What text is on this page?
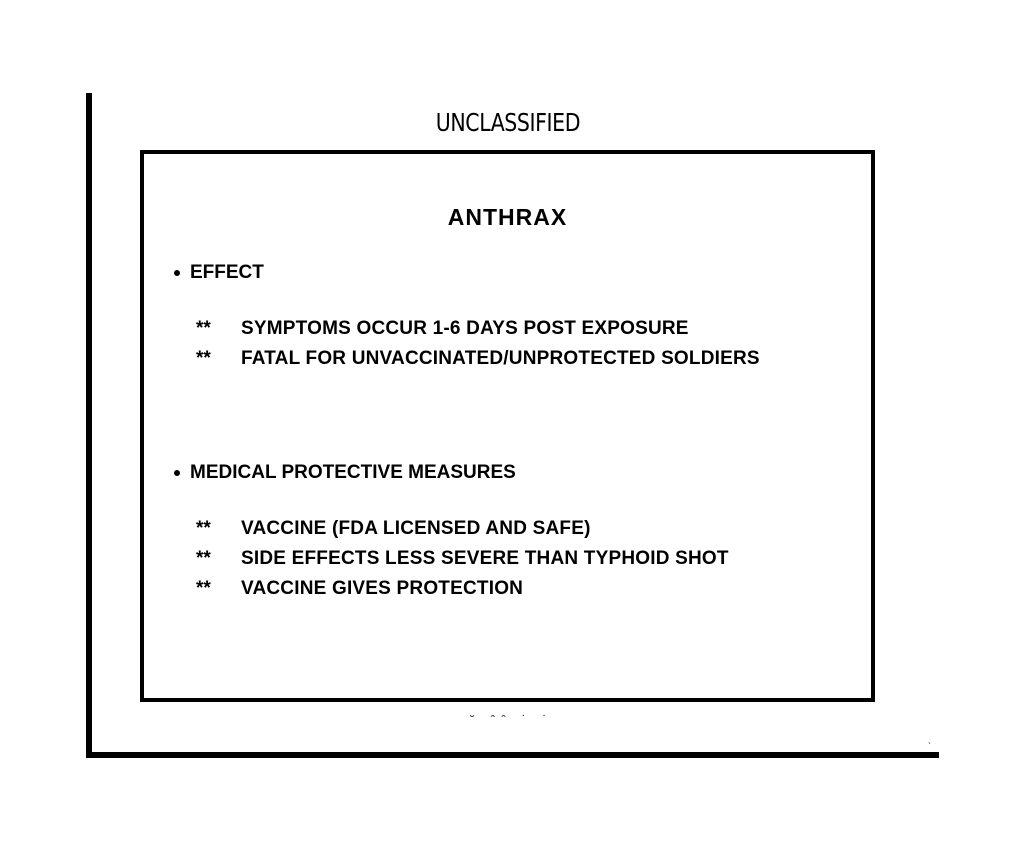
UNCLASSIFIED
ANTHRAX
EFFECT
**	SYMPTOMS OCCUR 1-6 DAYS POST EXPOSURE
**	FATAL FOR UNVACCINATED/UNPROTECTED SOLDIERS
MEDICAL PROTECTIVE MEASURES
**	VACCINE (FDA LICENSED AND SAFE)
**	SIDE EFFECTS LESS SEVERE THAN TYPHOID SHOT
**	VACCINE GIVES PROTECTION
˘ ˆˆ ˙ ˙
ˎ
